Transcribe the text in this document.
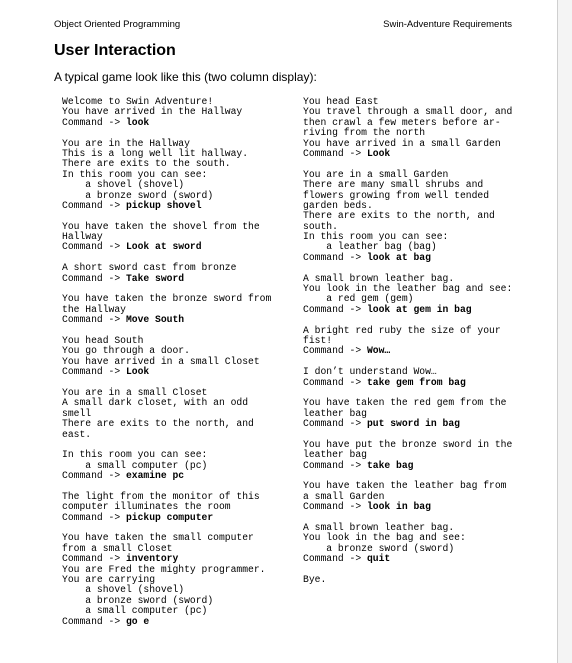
Object Oriented Programming	Swin-Adventure Requirements
User Interaction
A typical game look like this (two column display):
Welcome to Swin Adventure!
You have arrived in the Hallway
Command -> look
You are in the Hallway
This is a long well lit hallway.
There are exits to the south.
In this room you can see:
a shovel (shovel)
a bronze sword (sword)
Command -> pickup shovel
You have taken the shovel from the
Hallway
Command -> Look at sword
A short sword cast from bronze
Command -> Take sword
You have taken the bronze sword from
the Hallway
Command -> Move South
You head South
You go through a door.
You have arrived in a small Closet
Command -> Look
You are in a small Closet
A small dark closet, with an odd
smell
There are exits to the north, and
east.
In this room you can see:
a small computer (pc)
Command -> examine pc
The light from the monitor of this
computer illuminates the room
Command -> pickup computer
You have taken the small computer
from a small Closet
Command -> inventory
You are Fred the mighty programmer.
You are carrying
a shovel (shovel)
a bronze sword (sword)
a small computer (pc)
Command -> go e
You head East
You travel through a small door, and
then crawl a few meters before ar-
riving from the north
You have arrived in a small Garden
Command -> Look
You are in a small Garden
There are many small shrubs and
flowers growing from well tended
garden beds.
There are exits to the north, and
south.
In this room you can see:
a leather bag (bag)
Command -> look at bag
A small brown leather bag.
You look in the leather bag and see:
a red gem (gem)
Command -> look at gem in bag
A bright red ruby the size of your
fist!
Command -> Wow…
I don’t understand Wow…
Command -> take gem from bag
You have taken the red gem from the
leather bag
Command -> put sword in bag
You have put the bronze sword in the
leather bag
Command -> take bag
You have taken the leather bag from
a small Garden
Command -> look in bag
A small brown leather bag.
You look in the bag and see:
a bronze sword (sword)
Command -> quit
Bye.
